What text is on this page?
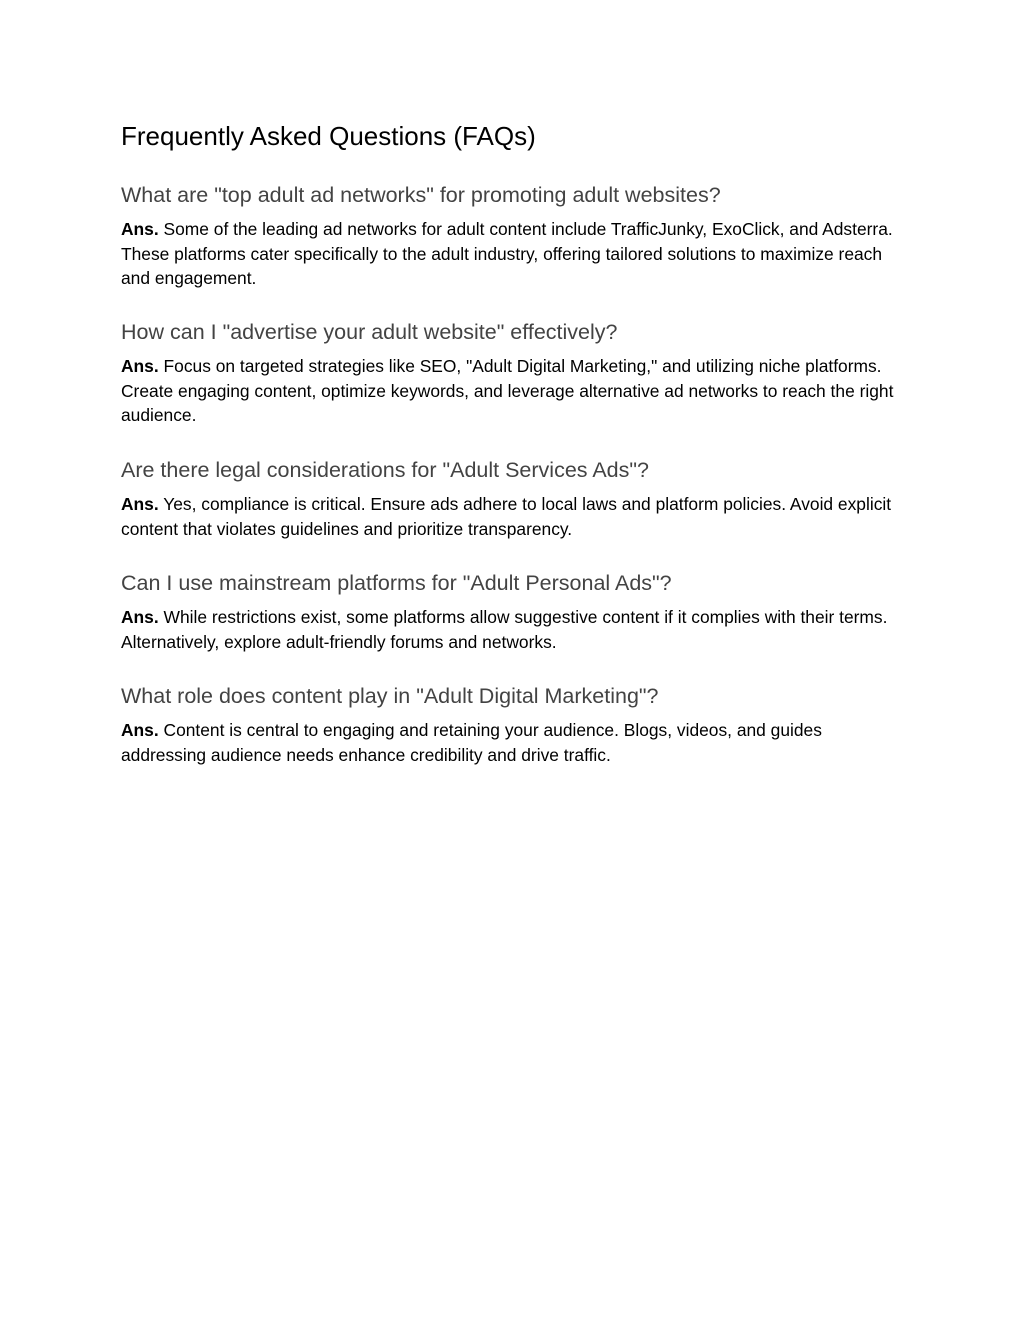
Frequently Asked Questions (FAQs)
What are "top adult ad networks" for promoting adult websites?

Ans. Some of the leading ad networks for adult content include TrafficJunky, ExoClick, and Adsterra. These platforms cater specifically to the adult industry, offering tailored solutions to maximize reach and engagement.

How can I "advertise your adult website" effectively?

Ans. Focus on targeted strategies like SEO, "Adult Digital Marketing," and utilizing niche platforms. Create engaging content, optimize keywords, and leverage alternative ad networks to reach the right audience.

Are there legal considerations for "Adult Services Ads"?

Ans. Yes, compliance is critical. Ensure ads adhere to local laws and platform policies. Avoid explicit content that violates guidelines and prioritize transparency.

Can I use mainstream platforms for "Adult Personal Ads"?

Ans. While restrictions exist, some platforms allow suggestive content if it complies with their terms. Alternatively, explore adult-friendly forums and networks.

What role does content play in "Adult Digital Marketing"?

Ans. Content is central to engaging and retaining your audience. Blogs, videos, and guides addressing audience needs enhance credibility and drive traffic.
